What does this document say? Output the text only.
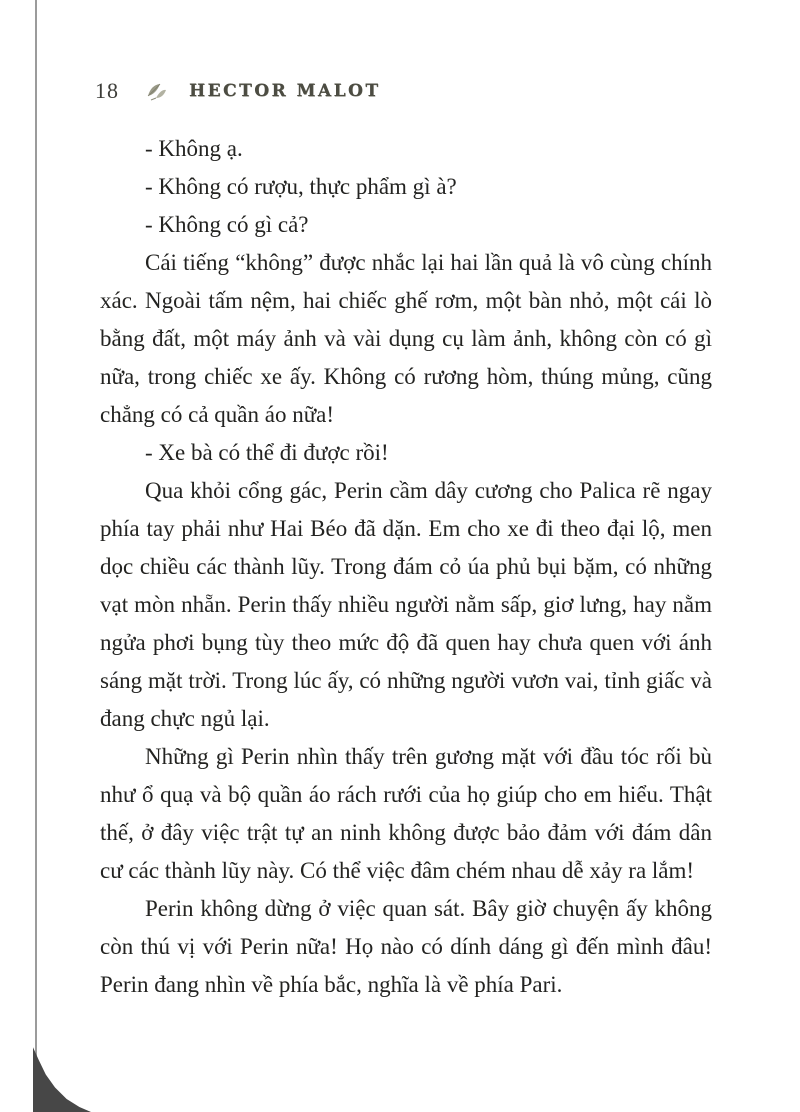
18	HECTOR MALOT

- Không ạ.

- Không có rượu, thực phẩm gì à?

- Không có gì cả?

Cái tiếng “không” được nhắc lại hai lần quả là vô cùng chính xác. Ngoài tấm nệm, hai chiếc ghế rơm, một bàn nhỏ, một cái lò bằng đất, một máy ảnh và vài dụng cụ làm ảnh, không còn có gì nữa, trong chiếc xe ấy. Không có rương hòm, thúng mủng, cũng chẳng có cả quần áo nữa!

- Xe bà có thể đi được rồi!

Qua khỏi cổng gác, Perin cầm dây cương cho Palica rẽ ngay phía tay phải như Hai Béo đã dặn. Em cho xe đi theo đại lộ, men dọc chiều các thành lũy. Trong đám cỏ úa phủ bụi bặm, có những vạt mòn nhẵn. Perin thấy nhiều người nằm sấp, giơ lưng, hay nằm ngửa phơi bụng tùy theo mức độ đã quen hay chưa quen với ánh sáng mặt trời. Trong lúc ấy, có những người vươn vai, tỉnh giấc và đang chực ngủ lại.

Những gì Perin nhìn thấy trên gương mặt với đầu tóc rối bù như ổ quạ và bộ quần áo rách rưới của họ giúp cho em hiểu. Thật thế, ở đây việc trật tự an ninh không được bảo đảm với đám dân cư các thành lũy này. Có thể việc đâm chém nhau dễ xảy ra lắm!

Perin không dừng ở việc quan sát. Bây giờ chuyện ấy không còn thú vị với Perin nữa! Họ nào có dính dáng gì đến mình đâu! Perin đang nhìn về phía bắc, nghĩa là về phía Pari.
